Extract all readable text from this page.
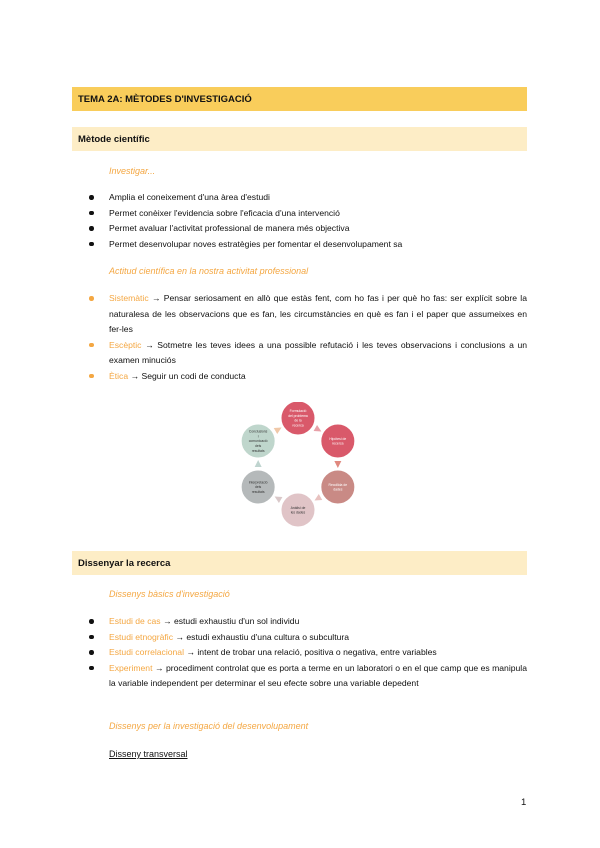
TEMA 2A: MÈTODES D'INVESTIGACIÓ
Mètode científic
Investigar...
Amplia el coneixement d'una àrea d'estudi
Permet conèixer l'evidencia sobre l'eficacia d'una intervenció
Permet avaluar l'activitat professional de manera més objectiva
Permet desenvolupar noves estratègies per fomentar el desenvolupament sa
Actitud científica en la nostra activitat professional
Sistemàtic → Pensar seriosament en allò que estàs fent, com ho fas i per què ho fas: ser explícit sobre la naturalesa de les observacions que es fan, les circumstàncies en què es fan i el paper que assumeixes en fer-les
Escèptic → Sotmetre les teves idees a una possible refutació i les teves observacions i conclusions a un examen minuciós
Ètica → Seguir un codi de conducta
Formulació del problema de la recerca
Hipòtesi de recerca
Recollida de dades
Anàlisi de les dades
Interpretació dels resultats
Conclusions i comunicació dels resultats
Dissenyar la recerca
Dissenys bàsics d'investigació
Estudi de cas → estudi exhaustiu d'un sol individu
Estudi etnogràfic → estudi exhaustiu d'una cultura o subcultura
Estudi correlacional → intent de trobar una relació, positiva o negativa, entre variables
Experiment → procediment controlat que es porta a terme en un laboratori o en el que camp que es manipula la variable independent per determinar el seu efecte sobre una variable depedent
Dissenys per la investigació del desenvolupament
Disseny transversal
1
